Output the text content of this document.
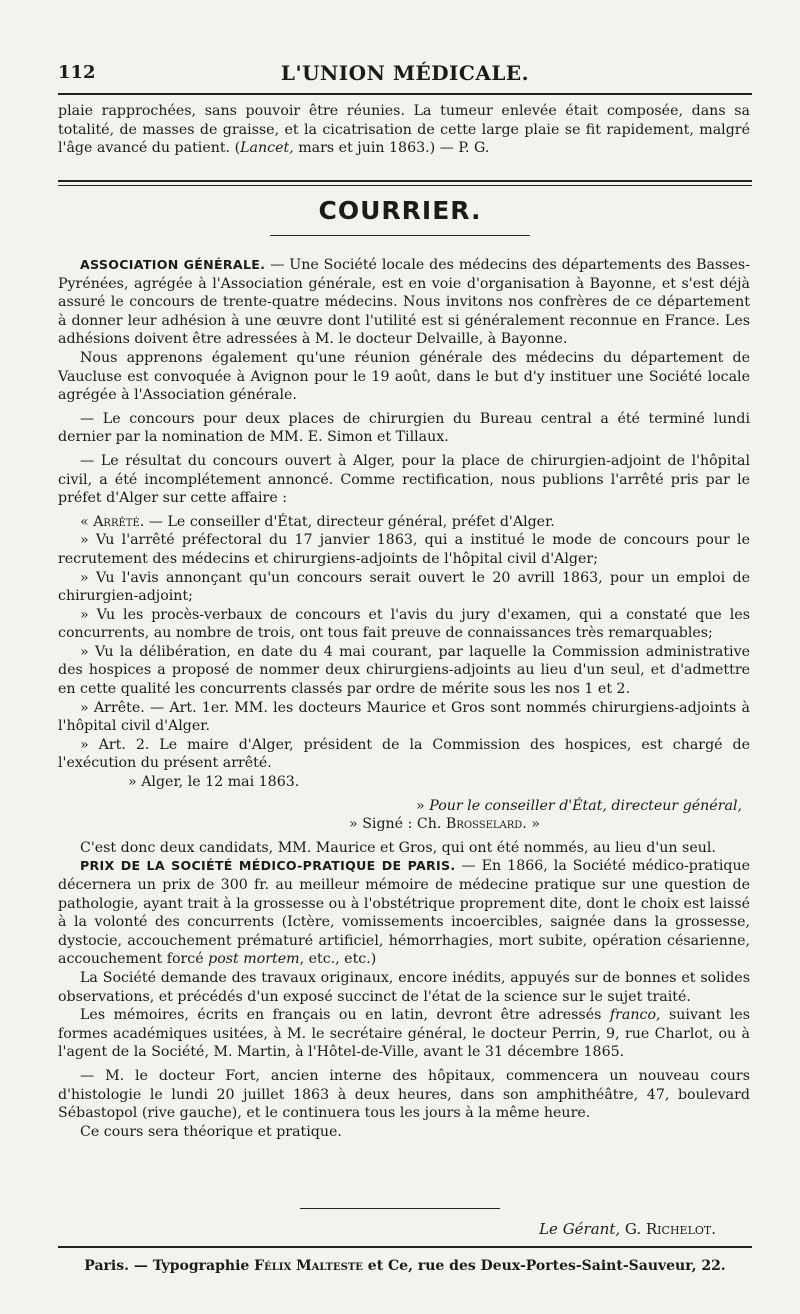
112	L'UNION MÉDICALE.

plaie rapprochées, sans pouvoir être réunies. La tumeur enlevée était composée, dans sa totalité, de masses de graisse, et la cicatrisation de cette large plaie se fit rapidement, malgré l'âge avancé du patient. (Lancet, mars et juin 1863.) — P. G.

COURRIER.

ASSOCIATION GÉNÉRALE. — Une Société locale des médecins des départements des Basses-Pyrénées, agrégée à l'Association générale, est en voie d'organisation à Bayonne, et s'est déjà assuré le concours de trente-quatre médecins. Nous invitons nos confrères de ce département à donner leur adhésion à une œuvre dont l'utilité est si généralement reconnue en France. Les adhésions doivent être adressées à M. le docteur Delvaille, à Bayonne.

Nous apprenons également qu'une réunion générale des médecins du département de Vaucluse est convoquée à Avignon pour le 19 août, dans le but d'y instituer une Société locale agrégée à l'Association générale.

— Le concours pour deux places de chirurgien du Bureau central a été terminé lundi dernier par la nomination de MM. E. Simon et Tillaux.

— Le résultat du concours ouvert à Alger, pour la place de chirurgien-adjoint de l'hôpital civil, a été incomplétement annoncé. Comme rectification, nous publions l'arrêté pris par le préfet d'Alger sur cette affaire :

« Arrêté. — Le conseiller d'État, directeur général, préfet d'Alger.

» Vu l'arrêté préfectoral du 17 janvier 1863, qui a institué le mode de concours pour le recrutement des médecins et chirurgiens-adjoints de l'hôpital civil d'Alger;

» Vu l'avis annonçant qu'un concours serait ouvert le 20 avrill 1863, pour un emploi de chirurgien-adjoint;

» Vu les procès-verbaux de concours et l'avis du jury d'examen, qui a constaté que les concurrents, au nombre de trois, ont tous fait preuve de connaissances très remarquables;

» Vu la délibération, en date du 4 mai courant, par laquelle la Commission administrative des hospices a proposé de nommer deux chirurgiens-adjoints au lieu d'un seul, et d'admettre en cette qualité les concurrents classés par ordre de mérite sous les nos 1 et 2.

» Arrête. — Art. 1er. MM. les docteurs Maurice et Gros sont nommés chirurgiens-adjoints à l'hôpital civil d'Alger.

» Art. 2. Le maire d'Alger, président de la Commission des hospices, est chargé de l'exécution du présent arrêté.

» Alger, le 12 mai 1863.

» Pour le conseiller d'État, directeur général,

» Signé : Ch. Brosselard. »

C'est donc deux candidats, MM. Maurice et Gros, qui ont été nommés, au lieu d'un seul.

PRIX DE LA SOCIÉTÉ MÉDICO-PRATIQUE DE PARIS. — En 1866, la Société médico-pratique décernera un prix de 300 fr. au meilleur mémoire de médecine pratique sur une question de pathologie, ayant trait à la grossesse ou à l'obstétrique proprement dite, dont le choix est laissé à la volonté des concurrents (Ictère, vomissements incoercibles, saignée dans la grossesse, dystocie, accouchement prématuré artificiel, hémorrhagies, mort subite, opération césarienne, accouchement forcé post mortem, etc., etc.)

La Société demande des travaux originaux, encore inédits, appuyés sur de bonnes et solides observations, et précédés d'un exposé succinct de l'état de la science sur le sujet traité.

Les mémoires, écrits en français ou en latin, devront être adressés franco, suivant les formes académiques usitées, à M. le secrétaire général, le docteur Perrin, 9, rue Charlot, ou à l'agent de la Société, M. Martin, à l'Hôtel-de-Ville, avant le 31 décembre 1865.

— M. le docteur Fort, ancien interne des hôpitaux, commencera un nouveau cours d'histologie le lundi 20 juillet 1863 à deux heures, dans son amphithéâtre, 47, boulevard Sébastopol (rive gauche), et le continuera tous les jours à la même heure.

Ce cours sera théorique et pratique.

Le Gérant, G. Richelot.
Paris. — Typographie Félix Malteste et Ce, rue des Deux-Portes-Saint-Sauveur, 22.
